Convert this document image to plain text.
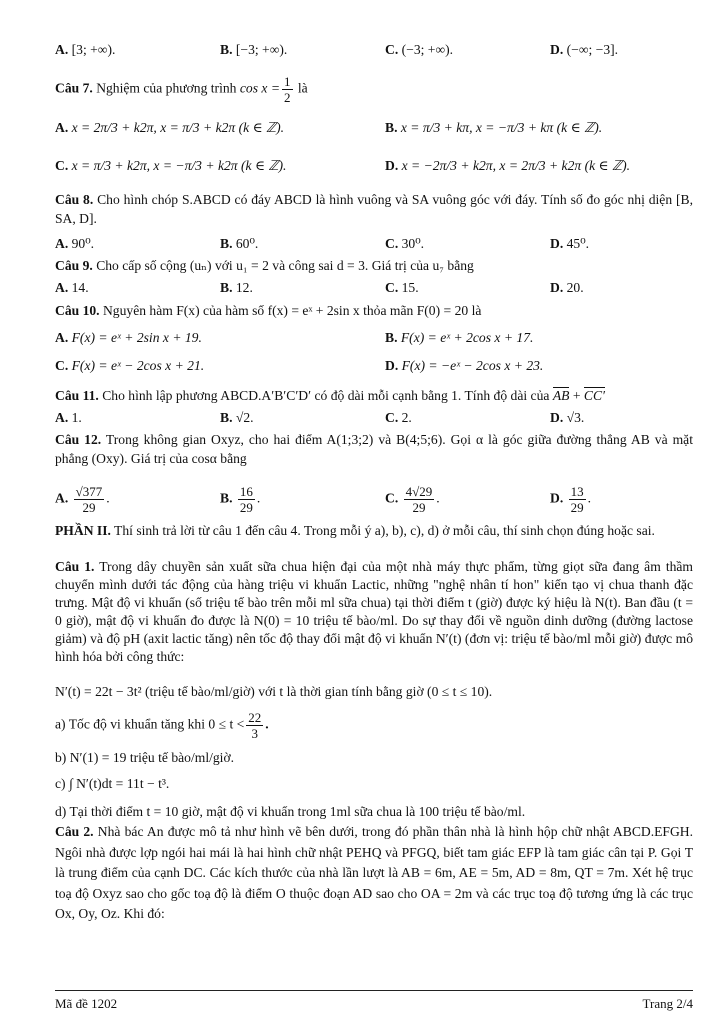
A. [3; +∞).	B. [−3; +∞).	C. (−3; +∞).	D. (−∞; −3].
Câu 7. Nghiệm của phương trình $\cos x = \frac{1}{2}$ là
A. x = 2π/3 + k2π, x = π/3 + k2π (k ∈ ℤ).	B. x = π/3 + kπ, x = −π/3 + kπ (k ∈ ℤ).
C. x = π/3 + k2π, x = −π/3 + k2π (k ∈ ℤ).	D. x = −2π/3 + k2π, x = 2π/3 + k2π (k ∈ ℤ).
Câu 8. Cho hình chóp S.ABCD có đáy ABCD là hình vuông và SA vuông góc với đáy. Tính số đo góc nhị diện [B, SA, D].
A. 90⁰.	B. 60⁰.	C. 30⁰.	D. 45⁰.
Câu 9. Cho cấp số cộng (uₙ) với u₁ = 2 và công sai d = 3. Giá trị của u₇ bằng
A. 14.	B. 12.	C. 15.	D. 20.
Câu 10. Nguyên hàm F(x) của hàm số f(x) = eˣ + 2sin x thỏa mãn F(0) = 20 là
A. F(x) = eˣ + 2sin x + 19.	B. F(x) = eˣ + 2cos x + 17.
C. F(x) = eˣ − 2cos x + 21.	D. F(x) = −eˣ − 2cos x + 23.
Câu 11. Cho hình lập phương ABCD.A′B′C′D′ có độ dài mỗi cạnh bằng 1. Tính độ dài của AB + CC′
A. 1.	B. √2.	C. 2.	D. √3.
Câu 12. Trong không gian Oxyz, cho hai điểm A(1;3;2) và B(4;5;6). Gọi α là góc giữa đường thẳng AB và mặt phẳng (Oxy). Giá trị của cosα bằng
A. $\frac{√377}{29}$ .	B. $\frac{16}{29}$ .	C. $\frac{4√29}{29}$ .	D. $\frac{13}{29}$ .
PHẦN II. Thí sinh trả lời từ câu 1 đến câu 4. Trong mỗi ý a), b), c), d) ở mỗi câu, thí sinh chọn đúng hoặc sai.
Câu 1. Trong dây chuyền sản xuất sữa chua hiện đại của một nhà máy thực phẩm, từng giọt sữa đang âm thầm chuyển mình dưới tác động của hàng triệu vi khuẩn Lactic, những "nghệ nhân tí hon" kiến tạo vị chua thanh đặc trưng. Mật độ vi khuẩn (số triệu tế bào trên mỗi ml sữa chua) tại thời điểm t (giờ) được ký hiệu là N(t). Ban đầu (t = 0 giờ), mật độ vi khuẩn đo được là N(0) = 10 triệu tế bào/ml. Do sự thay đổi về nguồn dinh dưỡng (đường lactose giảm) và độ pH (axit lactic tăng) nên tốc độ thay đổi mật độ vi khuẩn N′(t) (đơn vị: triệu tế bào/ml mỗi giờ) được mô hình hóa bởi công thức:
N′(t) = 22t − 3t² (triệu tế bào/ml/giờ) với t là thời gian tính bằng giờ (0 ≤ t ≤ 10).
a) Tốc độ vi khuẩn tăng khi $0 \le t < \frac{22}{3}$ .
b) N′(1) = 19 triệu tế bào/ml/giờ.
c) ∫ N′(t)dt = 11t − t³.
d) Tại thời điểm t = 10 giờ, mật độ vi khuẩn trong 1ml sữa chua là 100 triệu tế bào/ml.
Câu 2. Nhà bác An được mô tả như hình vẽ bên dưới, trong đó phần thân nhà là hình hộp chữ nhật ABCD.EFGH. Ngôi nhà được lợp ngói hai mái là hai hình chữ nhật PEHQ và PFGQ, biết tam giác EFP là tam giác cân tại P. Gọi T là trung điểm của cạnh DC. Các kích thước của nhà lần lượt là AB = 6m, AE = 5m, AD = 8m, QT = 7m. Xét hệ trục toạ độ Oxyz sao cho gốc toạ độ là điểm O thuộc đoạn AD sao cho OA = 2m và các trục toạ độ tương ứng là các trục Ox, Oy, Oz. Khi đó:
Mã đề 1202	Trang 2/4
